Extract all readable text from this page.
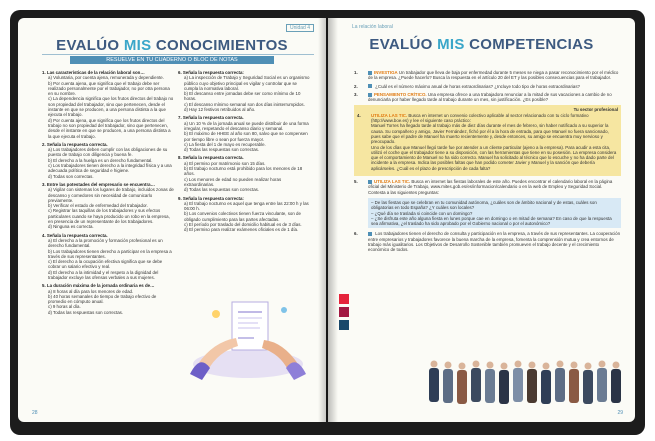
Unidad 4
EVALÚO MIS CONOCIMIENTOS
RESUELVE EN TU CUADERNO O BLOC DE NOTAS
1. Las características de la relación laboral son…
a) Voluntaria, por cuenta ajena, remunerada y dependiente.
b) Por cuenta ajena, que significa que el trabajo debe ser realizado personalmente por el trabajador, no por otra persona en su nombre.
c) La dependencia significa que los frutos directos del trabajo no son propiedad del trabajador, sino que pertenecen, desde el instante en que se producen, a una persona distinta a la que ejecuta el trabajo.
d) Por cuenta ajena, que significa que los frutos directos del trabajo no son propiedad del trabajador, sino que pertenecen, desde el instante en que se producen, a una persona distinta a la que ejecuta el trabajo.
2. Señala la respuesta correcta.
a) Los trabajadores deben cumplir con las obligaciones de su puesto de trabajo con diligencia y buena fe.
b) El derecho a la huelga es un derecho fundamental.
c) Los trabajadores tienen derecho a la integridad física y a una adecuada política de seguridad e higiene.
d) Todas son correctas.
3. Entre las potestades del empresario se encuentra…
a) Vigilar con sistemas los lugares de trabajo, incluidos zonas de descanso y comedores sin necesidad de comunicarlo previamente.
b) Verificar el estado de enfermedad del trabajador.
c) Registrar las taquillas de los trabajadores y sus efectos particulares cuando se haya producido un robo en la empresa, en presencia de un representante de los trabajadores.
d) Ninguna es correcta.
4. Señala la respuesta correcta.
a) El derecho a la promoción y formación profesional es un derecho fundamental.
b) Los trabajadores tienen derecho a participar en la empresa a través de sus representantes.
c) El derecho a la ocupación efectiva significa que se debe cobrar un salario efectivo y real.
d) El derecho a la intimidad y el respeto a la dignidad del trabajador excluye las ofensas verbales a sus mujeres.
5. La duración máxima de la jornada ordinaria es de…
a) 8 horas al día para los menores de edad.
b) 40 horas semanales de tiempo de trabajo efectivo de promedio en cómputo anual.
c) 9 horas al día.
d) Todas las respuestas son correctas.
6. Señala la respuesta correcta:
a) La inspección de Trabajo y Seguridad Social es un organismo público cuyo objetivo principal es vigilar y controlar que se cumpla la normativa laboral.
b) El descanso entre jornadas debe ser como mínimo de 10 horas.
c) El descanso mínimo semanal son dos días ininterrumpidos.
d) Hay 12 festivos retribuidos al año.
7. Señala la respuesta correcta.
a) Un 10 % de la jornada anual se puede distribuir de una forma irregular, respetando el descanso diario y semanal.
b) El máximo de HHEE al año son 80, salvo que se compensen por tiempo libre o sean por fuerza mayor.
c) La fiesta del 1 de mayo es recuperable.
d) Todas las respuestas son correctas.
8. Señala la respuesta correcta.
a) El permiso por matrimonio son 15 días.
b) El trabajo nocturno está prohibido para los menores de 18 años.
c) Los menores de edad no pueden realizar horas extraordinarias.
d) Todas las respuestas son correctas.
9. Señala la respuesta correcta:
a) El trabajo nocturno es aquel que tenga entre las 22:00 h y las 06:00 h.
b) Los convenios colectivos tienen fuerza vinculante, son de obligado cumplimiento para las partes afectadas.
c) El período por traslado del domicilio habitual es de 3 días.
d) El permiso para realizar exámenes oficiales es de 1 día.
28
La relación laboral
EVALÚO MIS COMPETENCIAS
1.	INVESTIGA Un trabajador que lleva de baja por enfermedad durante 5 meses se niega a pasar reconocimiento por el médico de la empresa. ¿Puede hacerlo? Busca la respuesta en el artículo 20 del ET y las posibles consecuencias para el trabajador.
2.	¿Cuál es el número máximo anual de horas extraordinarias? ¿Incluye todo tipo de horas extraordinarias?
3.	PENSAMIENTO CRÍTICO. Una empresa ofrece a una trabajadora renunciar a la mitad de sus vacaciones a cambio de no denunciarla por haber llegado tarde al trabajo durante un mes, sin justificación. ¿Es posible?
Tu sector profesional
4. UTILIZA LAS TIC. Busca en internet un convenio colectivo aplicable al sector relacionado con tu ciclo formativo (http://www.boe.es) y lee el siguiente caso práctico:
Manuel Torres ha llegado tarde al trabajo más de diez días durante el mes de febrero, sin haber notificado a su superior la causa. Su compañero y amigo, Javier Fernández, fichó por él a la hora de entrada, para que Manuel no fuera sancionado, pues sabe que el padre de Manuel ha muerto recientemente y, desde entonces, su amigo se encuentra muy nervioso y preocupado.
Uno de los días que Manuel llegó tarde fue por atender a un cliente particular (ajeno a la empresa). Para acudir a esta cita, utilizó el coche que el trabajador tiene a su disposición, con las herramientas que tiene en su posesión. La empresa considera que el comportamiento de Manuel no ha sido correcto. Manuel ha solicitado al técnico que lo escuche y no ha dado parte del incidente a la empresa. Indica las posibles faltas que han podido cometer Javier y Manuel y la sanción que debería aplicárseles. ¿Cuál es el plazo de prescripción de cada falta?
5.	UTILIZA LAS TIC. Busca en internet las fiestas laborales de este año. Puedes encontrar el calendario laboral en la página oficial del Ministerio de Trabajo, www.mites.gob.es/es/informacion/calendario o en la web de Empleo y Seguridad Social. Contesta a las siguientes preguntas:
– De las fiestas que se celebran en tu comunidad autónoma, ¿cuáles son de ámbito nacional y de estas, cuáles son obligatorias en todo España? ¿Y cuáles son locales?
– ¿Qué día se traslada si coincide con un domingo?
– ¿Se disfruta este año alguna fiesta en lunes porque cae en domingo o en mitad de semana? En caso de que la respuesta sea afirmativa, ¿el traslado ha sido aprobado por el Gobierno nacional o por el autonómico?
6.	Los trabajadores tienen el derecho de consulta y participación en la empresa, a través de sus representantes. La cooperación entre empresarios y trabajadores favorece la buena marcha de la empresa, fomenta la comprensión mutua y crea entornos de trabajo más igualitarios. Los Objetivos de Desarrollo Sostenible también promueven el trabajo decente y el crecimiento económico de todos.
29
